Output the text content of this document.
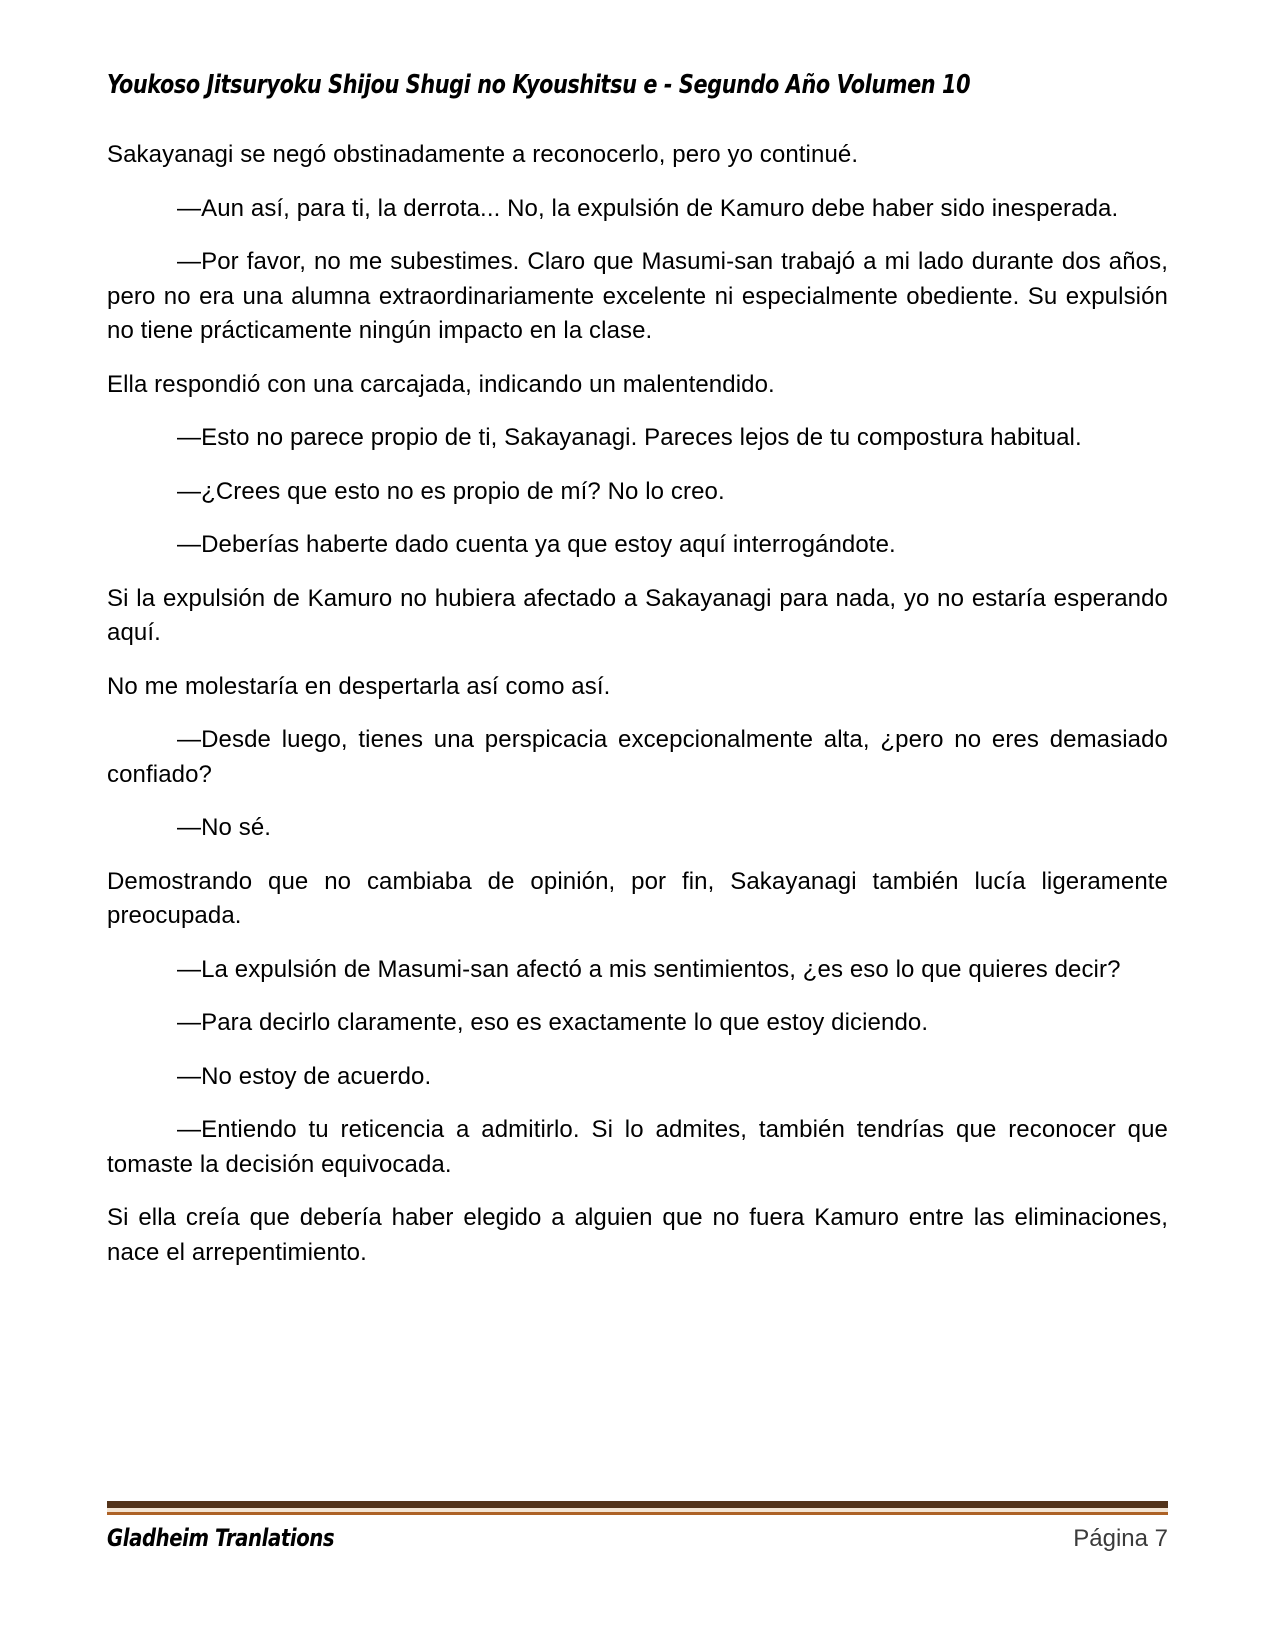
Youkoso Jitsuryoku Shijou Shugi no Kyoushitsu e - Segundo Año Volumen 10

Sakayanagi se negó obstinadamente a reconocerlo, pero yo continué.

—Aun así, para ti, la derrota... No, la expulsión de Kamuro debe haber sido inesperada.

—Por favor, no me subestimes. Claro que Masumi-san trabajó a mi lado durante dos años, pero no era una alumna extraordinariamente excelente ni especialmente obediente. Su expulsión no tiene prácticamente ningún impacto en la clase.

Ella respondió con una carcajada, indicando un malentendido.

—Esto no parece propio de ti, Sakayanagi. Pareces lejos de tu compostura habitual.

—¿Crees que esto no es propio de mí? No lo creo.

—Deberías haberte dado cuenta ya que estoy aquí interrogándote.

Si la expulsión de Kamuro no hubiera afectado a Sakayanagi para nada, yo no estaría esperando aquí.

No me molestaría en despertarla así como así.

—Desde luego, tienes una perspicacia excepcionalmente alta, ¿pero no eres demasiado confiado?

—No sé.

Demostrando que no cambiaba de opinión, por fin, Sakayanagi también lucía ligeramente preocupada.

—La expulsión de Masumi-san afectó a mis sentimientos, ¿es eso lo que quieres decir?

—Para decirlo claramente, eso es exactamente lo que estoy diciendo.

—No estoy de acuerdo.

—Entiendo tu reticencia a admitirlo. Si lo admites, también tendrías que reconocer que tomaste la decisión equivocada.

Si ella creía que debería haber elegido a alguien que no fuera Kamuro entre las eliminaciones, nace el arrepentimiento.

Gladheim Tranlations	Página 7
